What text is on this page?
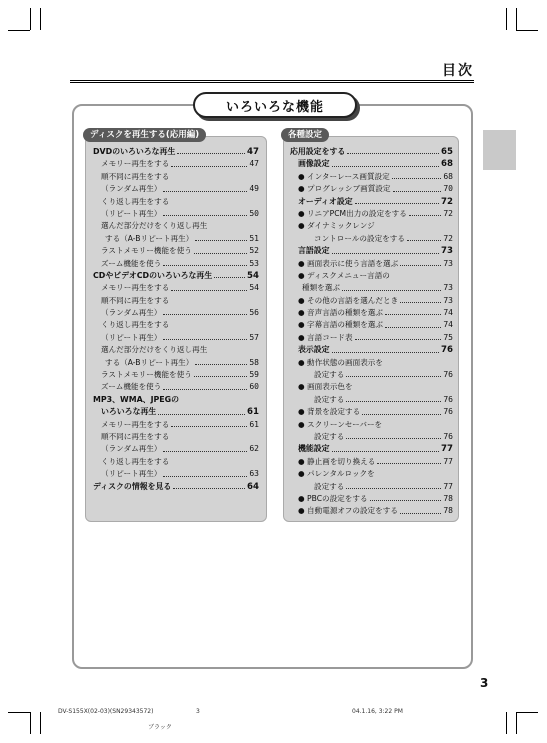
目次
いろいろな機能
ディスクを再生する(応用編)
DVDのいろいろな再生	47
メモリー再生をする	47
順不同に再生をする
（ランダム再生）	49
くり返し再生をする
（リピート再生）	50
選んだ部分だけをくり返し再生
する（A-Bリピート再生）	51
ラストメモリー機能を使う	52
ズーム機能を使う	53
CDやビデオCDのいろいろな再生	54
メモリー再生をする	54
順不同に再生をする
（ランダム再生）	56
くり返し再生をする
（リピート再生）	57
選んだ部分だけをくり返し再生
する（A-Bリピート再生）	58
ラストメモリー機能を使う	59
ズーム機能を使う	60
MP3、WMA、JPEGの
いろいろな再生	61
メモリー再生をする	61
順不同に再生をする
（ランダム再生）	62
くり返し再生をする
（リピート再生）	63
ディスクの情報を見る	64
各種設定
応用設定をする	65
画像設定	68
● インターレース画質設定	68
● プログレッシブ画質設定	70
オーディオ設定	72
● リニアPCM出力の設定をする	72
● ダイナミックレンジ
コントロールの設定をする	72
言語設定	73
● 画面表示に使う言語を選ぶ	73
● ディスクメニュー言語の
種類を選ぶ	73
● その他の言語を選んだとき	73
● 音声言語の種類を選ぶ	74
● 字幕言語の種類を選ぶ	74
● 言語コード表	75
表示設定	76
● 動作状態の画面表示を
設定する	76
● 画面表示色を
設定する	76
● 背景を設定する	76
● スクリーンセーバーを
設定する	76
機能設定	77
● 静止画を切り換える	77
● パレンタルロックを
設定する	77
● PBCの設定をする	78
● 自動電源オフの設定をする	78
3
DV-S155X(02-03)(SN29343572)	3	04.1.16, 3:22 PM
ブラック
